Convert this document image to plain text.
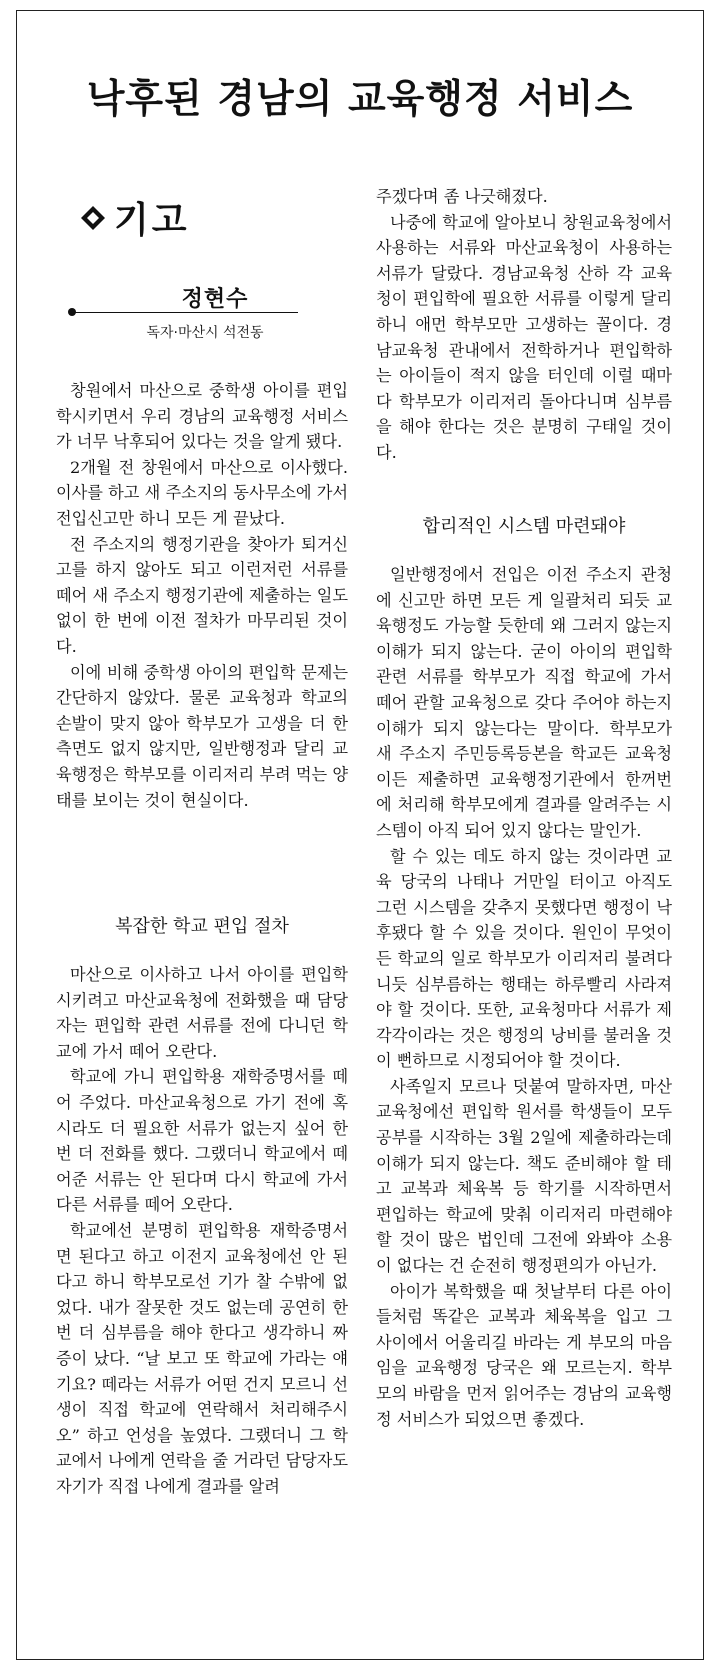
낙후된 경남의 교육행정 서비스
기고
정현수
독자·마산시 석전동

창원에서 마산으로 중학생 아이를 편입학시키면서 우리 경남의 교육행정 서비스가 너무 낙후되어 있다는 것을 알게 됐다.

2개월 전 창원에서 마산으로 이사했다. 이사를 하고 새 주소지의 동사무소에 가서 전입신고만 하니 모든 게 끝났다.

전 주소지의 행정기관을 찾아가 퇴거신고를 하지 않아도 되고 이런저런 서류를 떼어 새 주소지 행정기관에 제출하는 일도 없이 한 번에 이전 절차가 마무리된 것이다.

이에 비해 중학생 아이의 편입학 문제는 간단하지 않았다. 물론 교육청과 학교의 손발이 맞지 않아 학부모가 고생을 더 한 측면도 없지 않지만, 일반행정과 달리 교육행정은 학부모를 이리저리 부려 먹는 양태를 보이는 것이 현실이다.

복잡한 학교 편입 절차

마산으로 이사하고 나서 아이를 편입학시키려고 마산교육청에 전화했을 때 담당자는 편입학 관련 서류를 전에 다니던 학교에 가서 떼어 오란다.

학교에 가니 편입학용 재학증명서를 떼어 주었다. 마산교육청으로 가기 전에 혹시라도 더 필요한 서류가 없는지 싶어 한 번 더 전화를 했다. 그랬더니 학교에서 떼어준 서류는 안 된다며 다시 학교에 가서 다른 서류를 떼어 오란다.

학교에선 분명히 편입학용 재학증명서면 된다고 하고 이전지 교육청에선 안 된다고 하니 학부모로선 기가 찰 수밖에 없었다. 내가 잘못한 것도 없는데 공연히 한 번 더 심부름을 해야 한다고 생각하니 짜증이 났다. “날 보고 또 학교에 가라는 얘기요? 떼라는 서류가 어떤 건지 모르니 선생이 직접 학교에 연락해서 처리해주시오” 하고 언성을 높였다. 그랬더니 그 학교에서 나에게 연락을 줄 거라던 담당자도 자기가 직접 나에게 결과를 알려

주겠다며 좀 나긋해졌다.

나중에 학교에 알아보니 창원교육청에서 사용하는 서류와 마산교육청이 사용하는 서류가 달랐다. 경남교육청 산하 각 교육청이 편입학에 필요한 서류를 이렇게 달리하니 애먼 학부모만 고생하는 꼴이다. 경남교육청 관내에서 전학하거나 편입학하는 아이들이 적지 않을 터인데 이럴 때마다 학부모가 이리저리 돌아다니며 심부름을 해야 한다는 것은 분명히 구태일 것이다.

합리적인 시스템 마련돼야

일반행정에서 전입은 이전 주소지 관청에 신고만 하면 모든 게 일괄처리 되듯 교육행정도 가능할 듯한데 왜 그러지 않는지 이해가 되지 않는다. 굳이 아이의 편입학관련 서류를 학부모가 직접 학교에 가서 떼어 관할 교육청으로 갖다 주어야 하는지 이해가 되지 않는다는 말이다. 학부모가 새 주소지 주민등록등본을 학교든 교육청이든 제출하면 교육행정기관에서 한꺼번에 처리해 학부모에게 결과를 알려주는 시스템이 아직 되어 있지 않다는 말인가.

할 수 있는 데도 하지 않는 것이라면 교육 당국의 나태나 거만일 터이고 아직도 그런 시스템을 갖추지 못했다면 행정이 낙후됐다 할 수 있을 것이다. 원인이 무엇이든 학교의 일로 학부모가 이리저리 불려다니듯 심부름하는 행태는 하루빨리 사라져야 할 것이다. 또한, 교육청마다 서류가 제각각이라는 것은 행정의 낭비를 불러올 것이 뻔하므로 시정되어야 할 것이다.

사족일지 모르나 덧붙여 말하자면, 마산교육청에선 편입학 원서를 학생들이 모두 공부를 시작하는 3월 2일에 제출하라는데 이해가 되지 않는다. 책도 준비해야 할 테고 교복과 체육복 등 학기를 시작하면서 편입하는 학교에 맞춰 이리저리 마련해야 할 것이 많은 법인데 그전에 와봐야 소용이 없다는 건 순전히 행정편의가 아닌가.

아이가 복학했을 때 첫날부터 다른 아이들처럼 똑같은 교복과 체육복을 입고 그 사이에서 어울리길 바라는 게 부모의 마음임을 교육행정 당국은 왜 모르는지. 학부모의 바람을 먼저 읽어주는 경남의 교육행정 서비스가 되었으면 좋겠다.
